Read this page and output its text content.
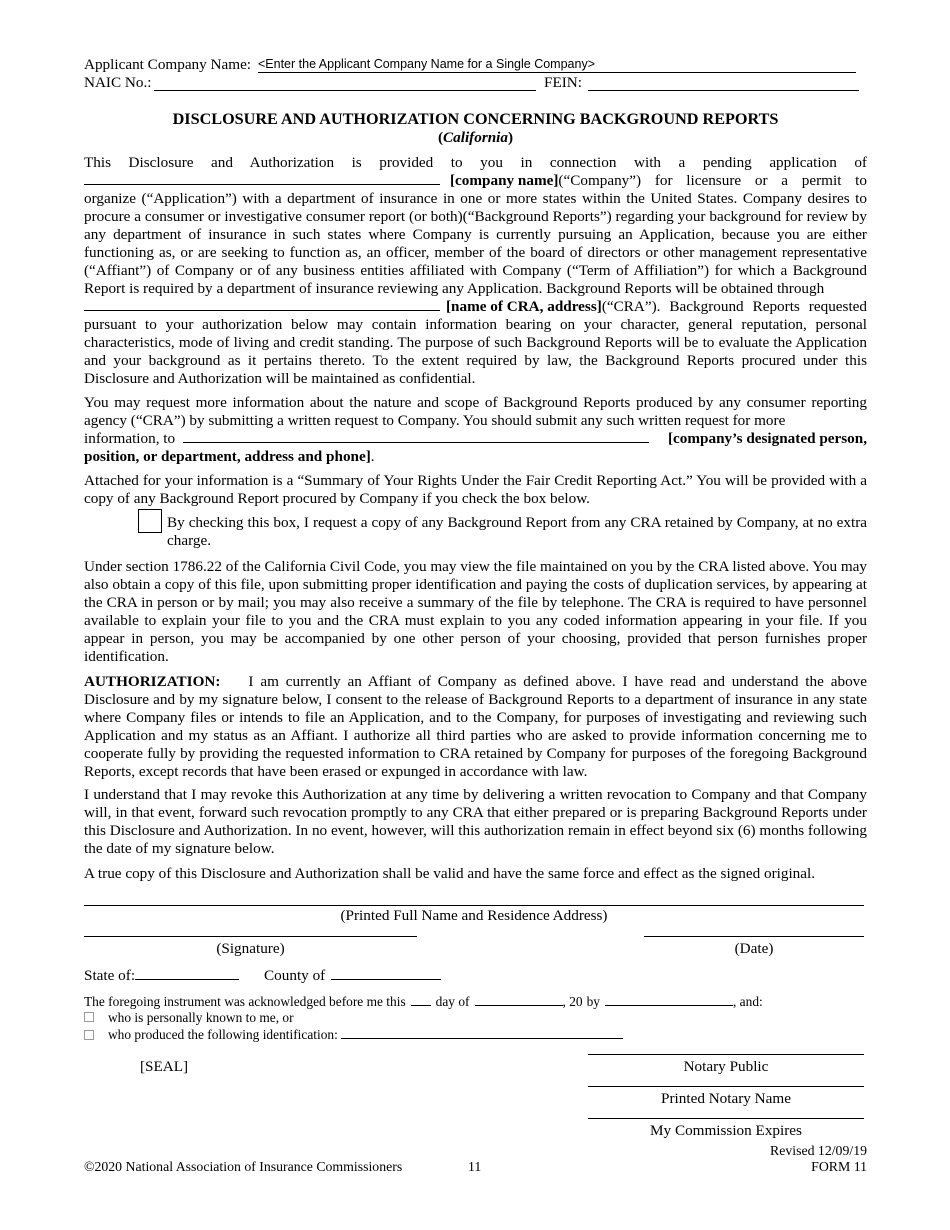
Applicant Company Name:
<Enter the Applicant Company Name for a Single Company>
NAIC No.:	FEIN:
DISCLOSURE AND AUTHORIZATION CONCERNING BACKGROUND REPORTS
(California)
This Disclosure and Authorization is provided to you in connection with a pending application of
[company name] (“Company”) for licensure or a permit to
organize (“Application”) with a department of insurance in one or more states within the United States. Company desires to procure a consumer or investigative consumer report (or both)(“Background Reports”) regarding your background for review by any department of insurance in such states where Company is currently pursuing an Application, because you are either functioning as, or are seeking to function as, an officer, member of the board of directors or other management representative (“Affiant”) of Company or of any business entities affiliated with Company (“Term of Affiliation”) for which a Background Report is required by a department of insurance reviewing any Application. Background Reports will be obtained through
[name of CRA, address] (“CRA”). Background Reports requested
pursuant to your authorization below may contain information bearing on your character, general reputation, personal characteristics, mode of living and credit standing. The purpose of such Background Reports will be to evaluate the Application and your background as it pertains thereto. To the extent required by law, the Background Reports procured under this Disclosure and Authorization will be maintained as confidential.
You may request more information about the nature and scope of Background Reports produced by any consumer reporting agency (“CRA”) by submitting a written request to Company. You should submit any such written request for more
information, to	[company’s designated person,
position, or department, address and phone].
Attached for your information is a “Summary of Your Rights Under the Fair Credit Reporting Act.” You will be provided with a copy of any Background Report procured by Company if you check the box below.
By checking this box, I request a copy of any Background Report from any CRA retained by Company, at no extra charge.
Under section 1786.22 of the California Civil Code, you may view the file maintained on you by the CRA listed above. You may also obtain a copy of this file, upon submitting proper identification and paying the costs of duplication services, by appearing at the CRA in person or by mail; you may also receive a summary of the file by telephone. The CRA is required to have personnel available to explain your file to you and the CRA must explain to you any coded information appearing in your file. If you appear in person, you may be accompanied by one other person of your choosing, provided that person furnishes proper identification.
AUTHORIZATION: I am currently an Affiant of Company as defined above. I have read and understand the above Disclosure and by my signature below, I consent to the release of Background Reports to a department of insurance in any state where Company files or intends to file an Application, and to the Company, for purposes of investigating and reviewing such Application and my status as an Affiant. I authorize all third parties who are asked to provide information concerning me to cooperate fully by providing the requested information to CRA retained by Company for purposes of the foregoing Background Reports, except records that have been erased or expunged in accordance with law.
I understand that I may revoke this Authorization at any time by delivering a written revocation to Company and that Company will, in that event, forward such revocation promptly to any CRA that either prepared or is preparing Background Reports under this Disclosure and Authorization. In no event, however, will this authorization remain in effect beyond six (6) months following the date of my signature below.
A true copy of this Disclosure and Authorization shall be valid and have the same force and effect as the signed original.
(Printed Full Name and Residence Address)
(Signature)	(Date)
State of:	County of
The foregoing instrument was acknowledged before me this day of	, 20 by	, and:
who is personally known to me, or
who produced the following identification:
[SEAL]	Notary Public
Printed Notary Name
My Commission Expires
Revised 12/09/19
©2020 National Association of Insurance Commissioners	11	FORM 11
